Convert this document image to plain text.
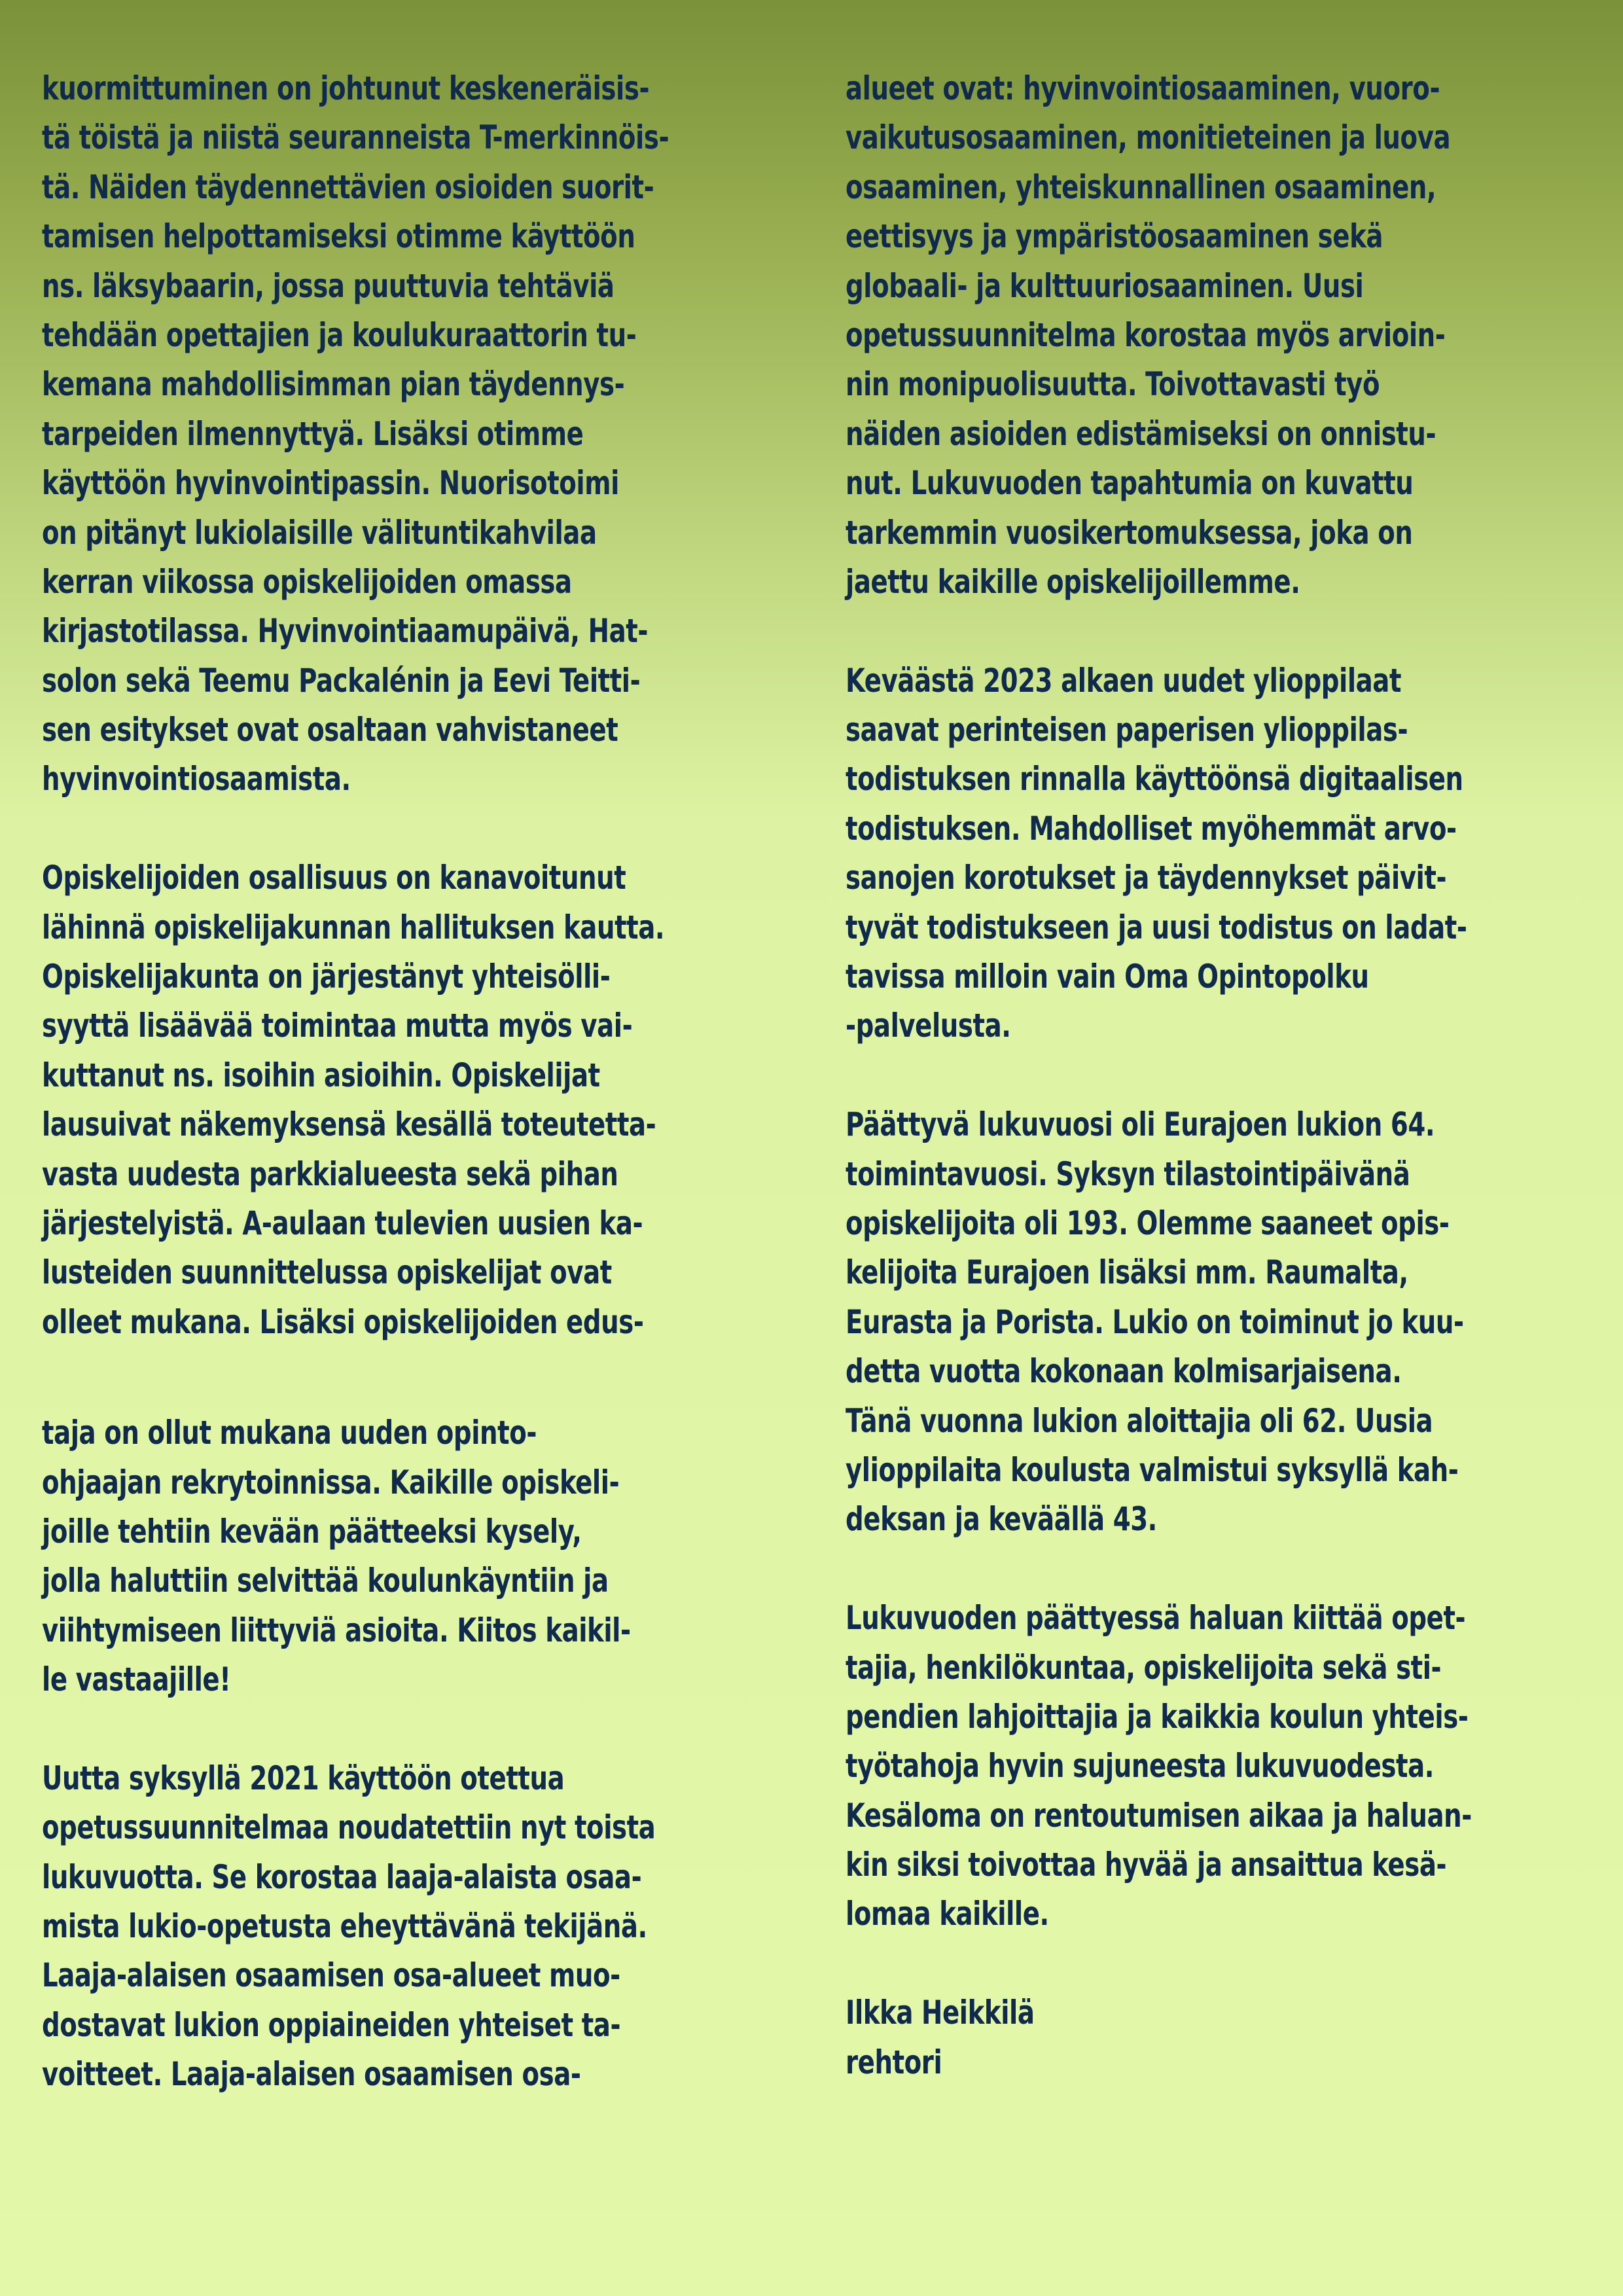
kuormittuminen on johtunut keskeneräisis-
tä töistä ja niistä seuranneista T-merkinnöis-
tä. Näiden täydennettävien osioiden suorit-
tamisen helpottamiseksi otimme käyttöön
ns. läksybaarin, jossa puuttuvia tehtäviä
tehdään opettajien ja koulukuraattorin tu-
kemana mahdollisimman pian täydennys-
tarpeiden ilmennyttyä. Lisäksi otimme
käyttöön hyvinvointipassin. Nuorisotoimi
on pitänyt lukiolaisille välituntikahvilaa
kerran viikossa opiskelijoiden omassa
kirjastotilassa. Hyvinvointiaamupäivä, Hat-
solon sekä Teemu Packalénin ja Eevi Teitti-
sen esitykset ovat osaltaan vahvistaneet
hyvinvointiosaamista.
Opiskelijoiden osallisuus on kanavoitunut
lähinnä opiskelijakunnan hallituksen kautta.
Opiskelijakunta on järjestänyt yhteisölli-
syyttä lisäävää toimintaa mutta myös vai-
kuttanut ns. isoihin asioihin. Opiskelijat
lausuivat näkemyksensä kesällä toteutetta-
vasta uudesta parkkialueesta sekä pihan
järjestelyistä. A-aulaan tulevien uusien ka-
lusteiden suunnittelussa opiskelijat ovat
olleet mukana. Lisäksi opiskelijoiden edus-
taja on ollut mukana uuden opinto-
ohjaajan rekrytoinnissa. Kaikille opiskeli-
joille tehtiin kevään päätteeksi kysely,
jolla haluttiin selvittää koulunkäyntiin ja
viihtymiseen liittyviä asioita. Kiitos kaikil-
le vastaajille!
Uutta syksyllä 2021 käyttöön otettua
opetussuunnitelmaa noudatettiin nyt toista
lukuvuotta. Se korostaa laaja-alaista osaa-
mista lukio-opetusta eheyttävänä tekijänä.
Laaja-alaisen osaamisen osa-alueet muo-
dostavat lukion oppiaineiden yhteiset ta-
voitteet. Laaja-alaisen osaamisen osa-
alueet ovat: hyvinvointiosaaminen, vuoro-
vaikutusosaaminen, monitieteinen ja luova
osaaminen, yhteiskunnallinen osaaminen,
eettisyys ja ympäristöosaaminen sekä
globaali- ja kulttuuriosaaminen. Uusi
opetussuunnitelma korostaa myös arvioin-
nin monipuolisuutta. Toivottavasti työ
näiden asioiden edistämiseksi on onnistu-
nut. Lukuvuoden tapahtumia on kuvattu
tarkemmin vuosikertomuksessa, joka on
jaettu kaikille opiskelijoillemme.
Keväästä 2023 alkaen uudet ylioppilaat
saavat perinteisen paperisen ylioppilas-
todistuksen rinnalla käyttöönsä digitaalisen
todistuksen. Mahdolliset myöhemmät arvo-
sanojen korotukset ja täydennykset päivit-
tyvät todistukseen ja uusi todistus on ladat-
tavissa milloin vain Oma Opintopolku
-palvelusta.
Päättyvä lukuvuosi oli Eurajoen lukion 64.
toimintavuosi. Syksyn tilastointipäivänä
opiskelijoita oli 193. Olemme saaneet opis-
kelijoita Eurajoen lisäksi mm. Raumalta,
Eurasta ja Porista. Lukio on toiminut jo kuu-
detta vuotta kokonaan kolmisarjaisena.
Tänä vuonna lukion aloittajia oli 62. Uusia
ylioppilaita koulusta valmistui syksyllä kah-
deksan ja keväällä 43.
Lukuvuoden päättyessä haluan kiittää opet-
tajia, henkilökuntaa, opiskelijoita sekä sti-
pendien lahjoittajia ja kaikkia koulun yhteis-
työtahoja hyvin sujuneesta lukuvuodesta.
Kesäloma on rentoutumisen aikaa ja haluan-
kin siksi toivottaa hyvää ja ansaittua kesä-
lomaa kaikille.
Ilkka Heikkilä
rehtori
